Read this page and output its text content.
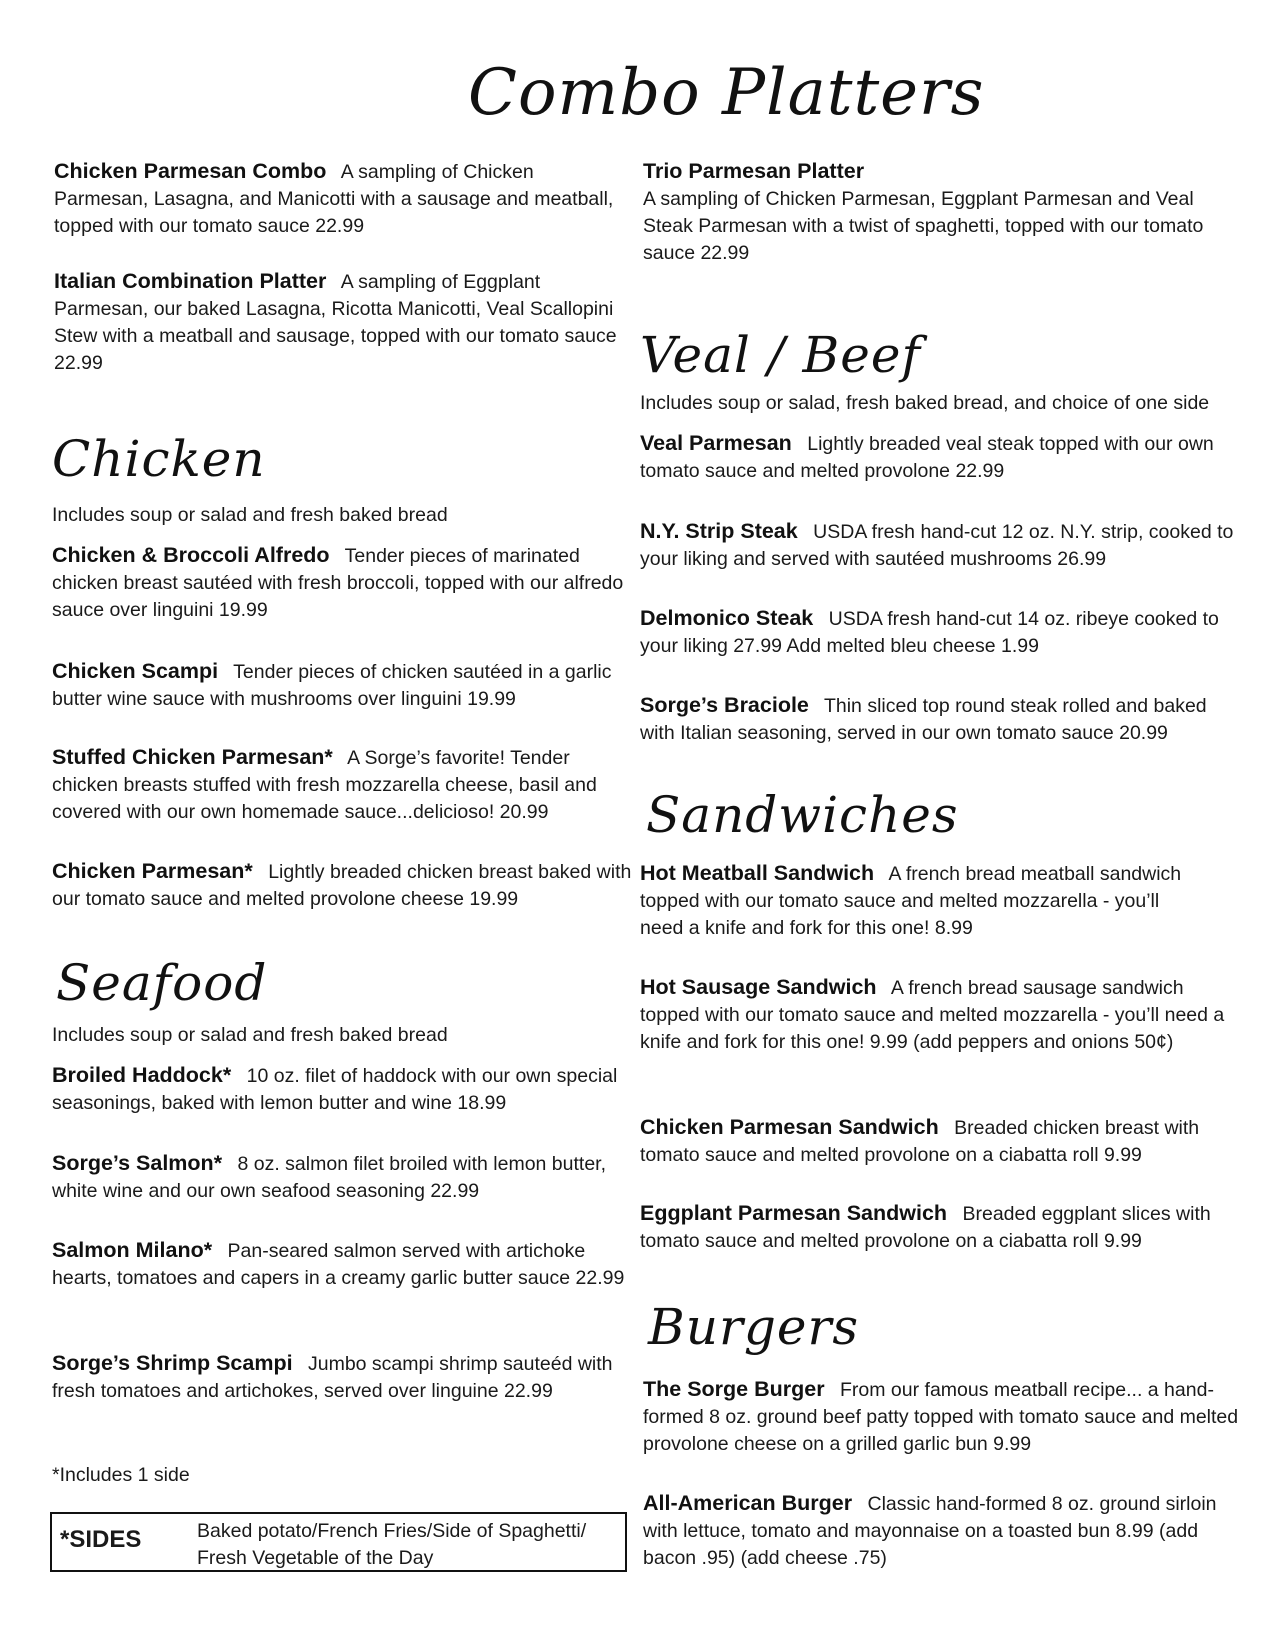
Combo Platters
Chicken Parmesan Combo A sampling of Chicken Parmesan, Lasagna, and Manicotti with a sausage and meatball, topped with our tomato sauce 22.99
Italian Combination Platter A sampling of Eggplant Parmesan, our baked Lasagna, Ricotta Manicotti, Veal Scallopini Stew with a meatball and sausage, topped with our tomato sauce 22.99
Chicken
Includes soup or salad and fresh baked bread
Chicken & Broccoli Alfredo Tender pieces of marinated chicken breast sautéed with fresh broccoli, topped with our alfredo sauce over linguini 19.99
Chicken Scampi Tender pieces of chicken sautéed in a garlic butter wine sauce with mushrooms over linguini 19.99
Stuffed Chicken Parmesan* A Sorge’s favorite! Tender chicken breasts stuffed with fresh mozzarella cheese, basil and covered with our own homemade sauce...delicioso! 20.99
Chicken Parmesan* Lightly breaded chicken breast baked with our tomato sauce and melted provolone cheese 19.99
Seafood
Includes soup or salad and fresh baked bread
Broiled Haddock* 10 oz. filet of haddock with our own special seasonings, baked with lemon butter and wine 18.99
Sorge’s Salmon* 8 oz. salmon filet broiled with lemon butter, white wine and our own seafood seasoning 22.99
Salmon Milano* Pan-seared salmon served with artichoke hearts, tomatoes and capers in a creamy garlic butter sauce 22.99
Sorge’s Shrimp Scampi Jumbo scampi shrimp sauteéd with fresh tomatoes and artichokes, served over linguine 22.99
*Includes 1 side
*SIDES	Baked potato/French Fries/Side of Spaghetti/ Fresh Vegetable of the Day
Trio Parmesan Platter
A sampling of Chicken Parmesan, Eggplant Parmesan and Veal Steak Parmesan with a twist of spaghetti, topped with our tomato sauce 22.99
Veal / Beef
Includes soup or salad, fresh baked bread, and choice of one side
Veal Parmesan Lightly breaded veal steak topped with our own tomato sauce and melted provolone 22.99
N.Y. Strip Steak USDA fresh hand-cut 12 oz. N.Y. strip, cooked to your liking and served with sautéed mushrooms 26.99
Delmonico Steak USDA fresh hand-cut 14 oz. ribeye cooked to your liking 27.99 Add melted bleu cheese 1.99
Sorge’s Braciole Thin sliced top round steak rolled and baked with Italian seasoning, served in our own tomato sauce 20.99
Sandwiches
Hot Meatball Sandwich A french bread meatball sandwich topped with our tomato sauce and melted mozzarella - you’ll need a knife and fork for this one! 8.99
Hot Sausage Sandwich A french bread sausage sandwich topped with our tomato sauce and melted mozzarella - you’ll need a knife and fork for this one! 9.99 (add peppers and onions 50¢)
Chicken Parmesan Sandwich Breaded chicken breast with tomato sauce and melted provolone on a ciabatta roll 9.99
Eggplant Parmesan Sandwich Breaded eggplant slices with tomato sauce and melted provolone on a ciabatta roll 9.99
Burgers
The Sorge Burger From our famous meatball recipe... a hand-formed 8 oz. ground beef patty topped with tomato sauce and melted provolone cheese on a grilled garlic bun 9.99
All-American Burger Classic hand-formed 8 oz. ground sirloin with lettuce, tomato and mayonnaise on a toasted bun 8.99 (add bacon .95) (add cheese .75)
